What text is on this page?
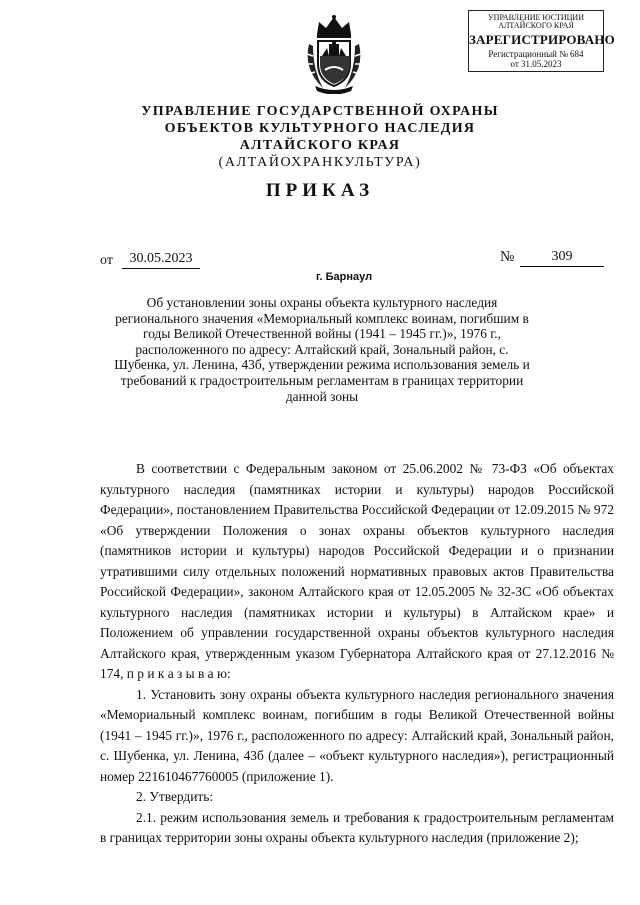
УПРАВЛЕНИЕ ЮСТИЦИИ
АЛТАЙСКОГО КРАЯ
ЗАРЕГИСТРИРОВАНО
Регистрационный № 684
от 31.05.2023
УПРАВЛЕНИЕ ГОСУДАРСТВЕННОЙ ОХРАНЫ
ОБЪЕКТОВ КУЛЬТУРНОГО НАСЛЕДИЯ
АЛТАЙСКОГО КРАЯ
(АЛТАЙОХРАНКУЛЬТУРА)
ПРИКАЗ
от	30.05.2023	№	309
г. Барнаул
Об установлении зоны охраны объекта культурного наследия регионального значения «Мемориальный комплекс воинам, погибшим в годы Великой Отечественной войны (1941 – 1945 гг.)», 1976 г., расположенного по адресу: Алтайский край, Зональный район, с. Шубенка, ул. Ленина, 43б, утверждении режима использования земель и требований к градостроительным регламентам в границах территории данной зоны

В соответствии с Федеральным законом от 25.06.2002 № 73-ФЗ «Об объектах культурного наследия (памятниках истории и культуры) народов Российской Федерации», постановлением Правительства Российской Федерации от 12.09.2015 № 972 «Об утверждении Положения о зонах охраны объектов культурного наследия (памятников истории и культуры) народов Российской Федерации и о признании утратившими силу отдельных положений нормативных правовых актов Правительства Российской Федерации», законом Алтайского края от 12.05.2005 № 32-ЗС «Об объектах культурного наследия (памятниках истории и культуры) в Алтайском крае» и Положением об управлении государственной охраны объектов культурного наследия Алтайского края, утвержденным указом Губернатора Алтайского края от 27.12.2016 № 174, п р и к а з ы в а ю:

1. Установить зону охраны объекта культурного наследия регионального значения «Мемориальный комплекс воинам, погибшим в годы Великой Отечественной войны (1941 – 1945 гг.)», 1976 г., расположенного по адресу: Алтайский край, Зональный район, с. Шубенка, ул. Ленина, 43б (далее – «объект культурного наследия»), регистрационный номер 221610467760005 (приложение 1).

2. Утвердить:

2.1. режим использования земель и требования к градостроительным регламентам в границах территории зоны охраны объекта культурного наследия (приложение 2);
